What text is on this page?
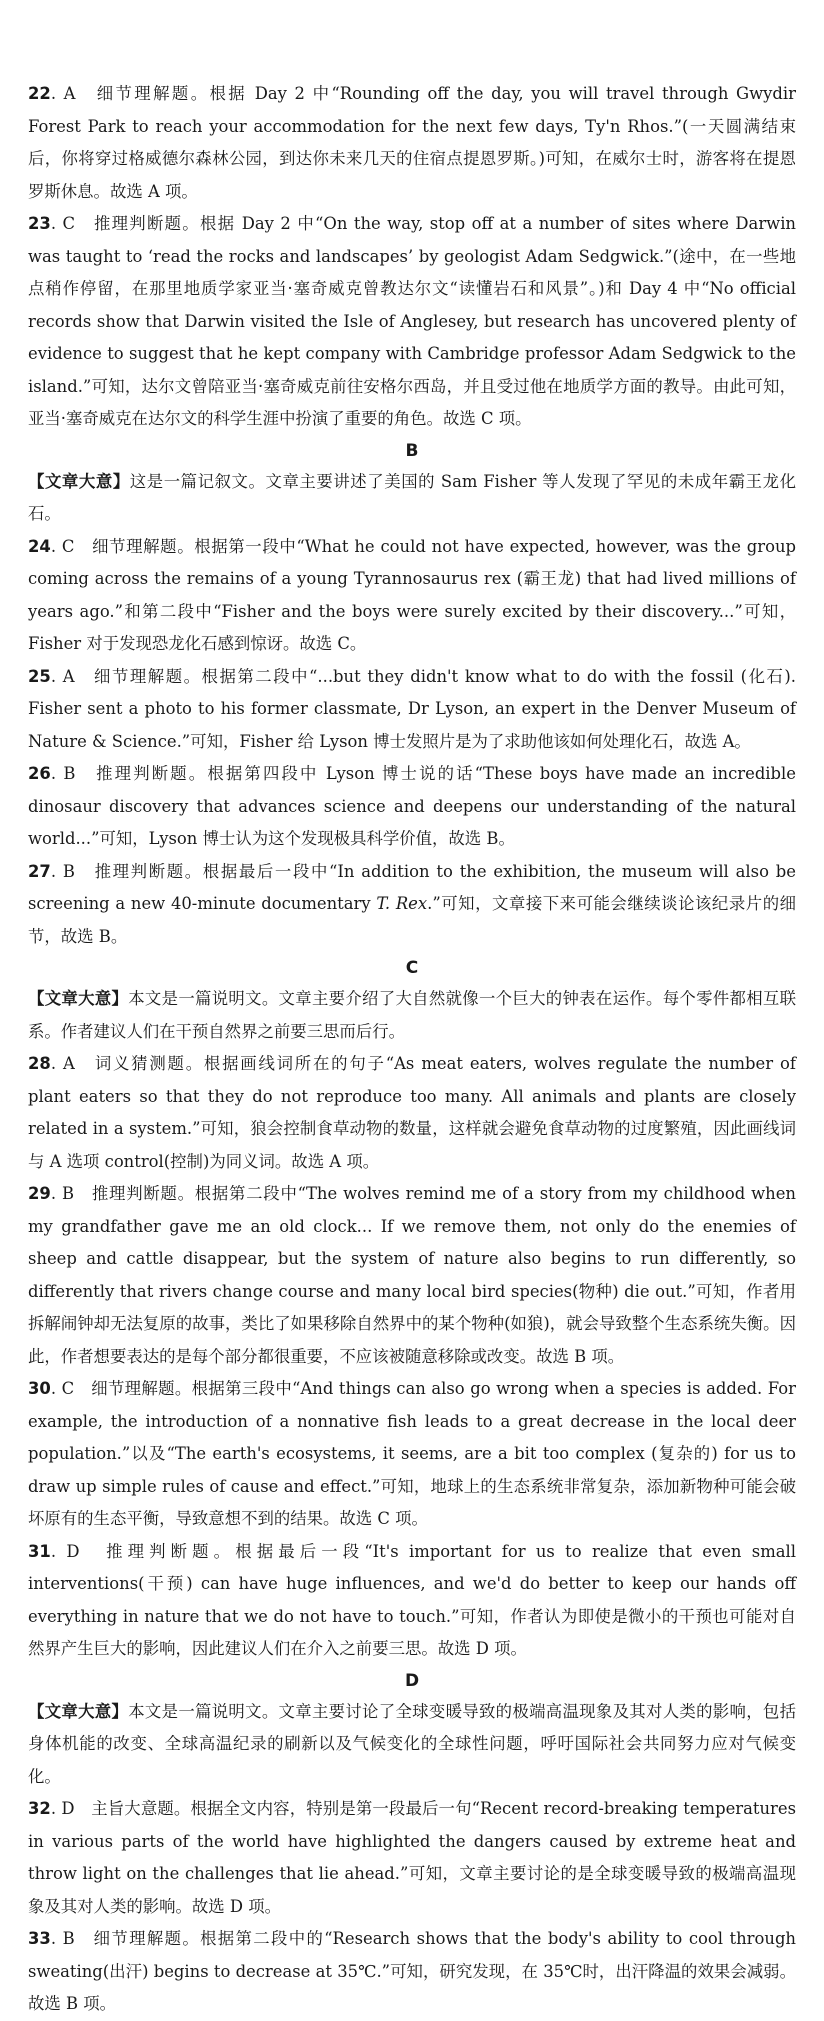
22. A　细节理解题。根据 Day 2 中“Rounding off the day, you will travel through Gwydir Forest Park to reach your accommodation for the next few days, Ty'n Rhos.”(一天圆满结束后，你将穿过格威德尔森林公园，到达你未来几天的住宿点提恩罗斯。)可知，在威尔士时，游客将在提恩罗斯休息。故选 A 项。

23. C　推理判断题。根据 Day 2 中“On the way, stop off at a number of sites where Darwin was taught to ‘read the rocks and landscapes’ by geologist Adam Sedgwick.”(途中，在一些地点稍作停留，在那里地质学家亚当·塞奇威克曾教达尔文“读懂岩石和风景”。)和 Day 4 中“No official records show that Darwin visited the Isle of Anglesey, but research has uncovered plenty of evidence to suggest that he kept company with Cambridge professor Adam Sedgwick to the island.”可知，达尔文曾陪亚当·塞奇威克前往安格尔西岛，并且受过他在地质学方面的教导。由此可知，亚当·塞奇威克在达尔文的科学生涯中扮演了重要的角色。故选 C 项。

B

【文章大意】这是一篇记叙文。文章主要讲述了美国的 Sam Fisher 等人发现了罕见的未成年霸王龙化石。

24. C　细节理解题。根据第一段中“What he could not have expected, however, was the group coming across the remains of a young Tyrannosaurus rex (霸王龙) that had lived millions of years ago.”和第二段中“Fisher and the boys were surely excited by their discovery...”可知，Fisher 对于发现恐龙化石感到惊讶。故选 C。

25. A　细节理解题。根据第二段中“...but they didn't know what to do with the fossil (化石). Fisher sent a photo to his former classmate, Dr Lyson, an expert in the Denver Museum of Nature & Science.”可知，Fisher 给 Lyson 博士发照片是为了求助他该如何处理化石，故选 A。

26. B　推理判断题。根据第四段中 Lyson 博士说的话“These boys have made an incredible dinosaur discovery that advances science and deepens our understanding of the natural world...”可知，Lyson 博士认为这个发现极具科学价值，故选 B。

27. B　推理判断题。根据最后一段中“In addition to the exhibition, the museum will also be screening a new 40-minute documentary T. Rex.”可知，文章接下来可能会继续谈论该纪录片的细节，故选 B。

C

【文章大意】本文是一篇说明文。文章主要介绍了大自然就像一个巨大的钟表在运作。每个零件都相互联系。作者建议人们在干预自然界之前要三思而后行。

28. A　词义猜测题。根据画线词所在的句子“As meat eaters, wolves regulate the number of plant eaters so that they do not reproduce too many. All animals and plants are closely related in a system.”可知，狼会控制食草动物的数量，这样就会避免食草动物的过度繁殖，因此画线词与 A 选项 control(控制)为同义词。故选 A 项。

29. B　推理判断题。根据第二段中“The wolves remind me of a story from my childhood when my grandfather gave me an old clock... If we remove them, not only do the enemies of sheep and cattle disappear, but the system of nature also begins to run differently, so differently that rivers change course and many local bird species(物种) die out.”可知，作者用拆解闹钟却无法复原的故事，类比了如果移除自然界中的某个物种(如狼)，就会导致整个生态系统失衡。因此，作者想要表达的是每个部分都很重要，不应该被随意移除或改变。故选 B 项。

30. C　细节理解题。根据第三段中“And things can also go wrong when a species is added. For example, the introduction of a nonnative fish leads to a great decrease in the local deer population.”以及“The earth's ecosystems, it seems, are a bit too complex (复杂的) for us to draw up simple rules of cause and effect.”可知，地球上的生态系统非常复杂，添加新物种可能会破坏原有的生态平衡，导致意想不到的结果。故选 C 项。

31. D　推理判断题。根据最后一段“It's important for us to realize that even small interventions(干预) can have huge influences, and we'd do better to keep our hands off everything in nature that we do not have to touch.”可知，作者认为即使是微小的干预也可能对自然界产生巨大的影响，因此建议人们在介入之前要三思。故选 D 项。

D

【文章大意】本文是一篇说明文。文章主要讨论了全球变暖导致的极端高温现象及其对人类的影响，包括身体机能的改变、全球高温纪录的刷新以及气候变化的全球性问题，呼吁国际社会共同努力应对气候变化。

32. D　主旨大意题。根据全文内容，特别是第一段最后一句“Recent record-breaking temperatures in various parts of the world have highlighted the dangers caused by extreme heat and throw light on the challenges that lie ahead.”可知，文章主要讨论的是全球变暖导致的极端高温现象及其对人类的影响。故选 D 项。

33. B　细节理解题。根据第二段中的“Research shows that the body's ability to cool through sweating(出汗) begins to decrease at 35℃.”可知，研究发现，在 35℃时，出汗降温的效果会减弱。故选 B 项。
